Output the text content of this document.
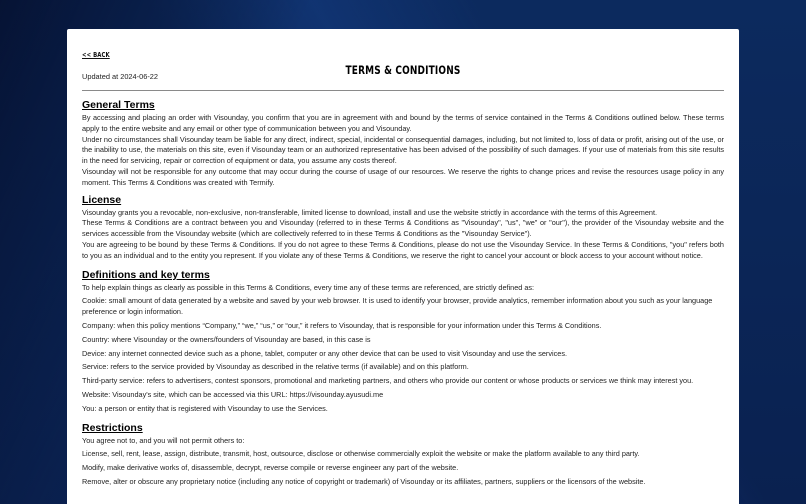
<< BACK
Updated at 2024-06-22	TERMS & CONDITIONS
General Terms

By accessing and placing an order with Visounday, you confirm that you are in agreement with and bound by the terms of service contained in the Terms & Conditions outlined below. These terms apply to the entire website and any email or other type of communication between you and Visounday.

Under no circumstances shall Visounday team be liable for any direct, indirect, special, incidental or consequential damages, including, but not limited to, loss of data or profit, arising out of the use, or the inability to use, the materials on this site, even if Visounday team or an authorized representative has been advised of the possibility of such damages. If your use of materials from this site results in the need for servicing, repair or correction of equipment or data, you assume any costs thereof.

Visounday will not be responsible for any outcome that may occur during the course of usage of our resources. We reserve the rights to change prices and revise the resources usage policy in any moment. This Terms & Conditions was created with Termify.

License

Visounday grants you a revocable, non-exclusive, non-transferable, limited license to download, install and use the website strictly in accordance with the terms of this Agreement.

These Terms & Conditions are a contract between you and Visounday (referred to in these Terms & Conditions as "Visounday", "us", "we" or "our"), the provider of the Visounday website and the services accessible from the Visounday website (which are collectively referred to in these Terms & Conditions as the "Visounday Service").

You are agreeing to be bound by these Terms & Conditions. If you do not agree to these Terms & Conditions, please do not use the Visounday Service. In these Terms & Conditions, "you" refers both to you as an individual and to the entity you represent. If you violate any of these Terms & Conditions, we reserve the right to cancel your account or block access to your account without notice.

Definitions and key terms

To help explain things as clearly as possible in this Terms & Conditions, every time any of these terms are referenced, are strictly defined as:

Cookie: small amount of data generated by a website and saved by your web browser. It is used to identify your browser, provide analytics, remember information about you such as your language preference or login information.

Company: when this policy mentions “Company,” “we,” “us,” or “our,” it refers to Visounday, that is responsible for your information under this Terms & Conditions.

Country: where Visounday or the owners/founders of Visounday are based, in this case is

Device: any internet connected device such as a phone, tablet, computer or any other device that can be used to visit Visounday and use the services.

Service: refers to the service provided by Visounday as described in the relative terms (if available) and on this platform.

Third-party service: refers to advertisers, contest sponsors, promotional and marketing partners, and others who provide our content or whose products or services we think may interest you.

Website: Visounday's site, which can be accessed via this URL: https://visounday.ayusudi.me

You: a person or entity that is registered with Visounday to use the Services.

Restrictions

You agree not to, and you will not permit others to:

License, sell, rent, lease, assign, distribute, transmit, host, outsource, disclose or otherwise commercially exploit the website or make the platform available to any third party.

Modify, make derivative works of, disassemble, decrypt, reverse compile or reverse engineer any part of the website.

Remove, alter or obscure any proprietary notice (including any notice of copyright or trademark) of Visounday or its affiliates, partners, suppliers or the licensors of the website.
